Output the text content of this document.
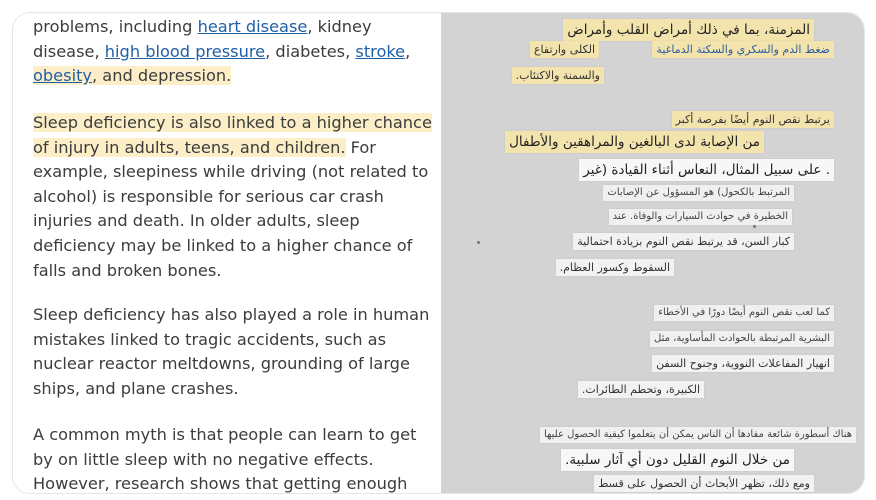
problems, including heart disease, kidney disease, high blood pressure, diabetes, stroke,
obesity, and depression.

Sleep deficiency is also linked to a higher chance of injury in adults, teens, and children. For example, sleepiness while driving (not related to alcohol) is responsible for serious car crash injuries and death. In older adults, sleep deficiency may be linked to a higher chance of falls and broken bones.

Sleep deficiency has also played a role in human mistakes linked to tragic accidents, such as nuclear reactor meltdowns, grounding of large ships, and plane crashes.

A common myth is that people can learn to get by on little sleep with no negative effects. However, research shows that getting enough

المزمنة، بما في ذلك أمراض القلب وأمراض
ضغط الدم والسكري والسكتة الدماغية
الكلى وارتفاع
والسمنة والاكتئاب.
يرتبط نقص النوم أيضًا بفرصة أكبر
من الإصابة لدى البالغين والمراهقين والأطفال
. على سبيل المثال، النعاس أثناء القيادة (غير
المرتبط بالكحول) هو المسؤول عن الإصابات
الخطيرة في حوادث السيارات والوفاة. عند
كبار السن، قد يرتبط نقص النوم بزيادة احتمالية
السقوط وكسور العظام.
كما لعب نقص النوم أيضًا دورًا في الأخطاء
البشرية المرتبطة بالحوادث المأساوية، مثل
انهيار المفاعلات النووية، وجنوح السفن
الكبيرة، وتحطم الطائرات.
هناك أسطورة شائعة مفادها أن الناس يمكن أن يتعلموا كيفية الحصول عليها
من خلال النوم القليل دون أي آثار سلبية.
ومع ذلك، تظهر الأبحاث أن الحصول على قسط
